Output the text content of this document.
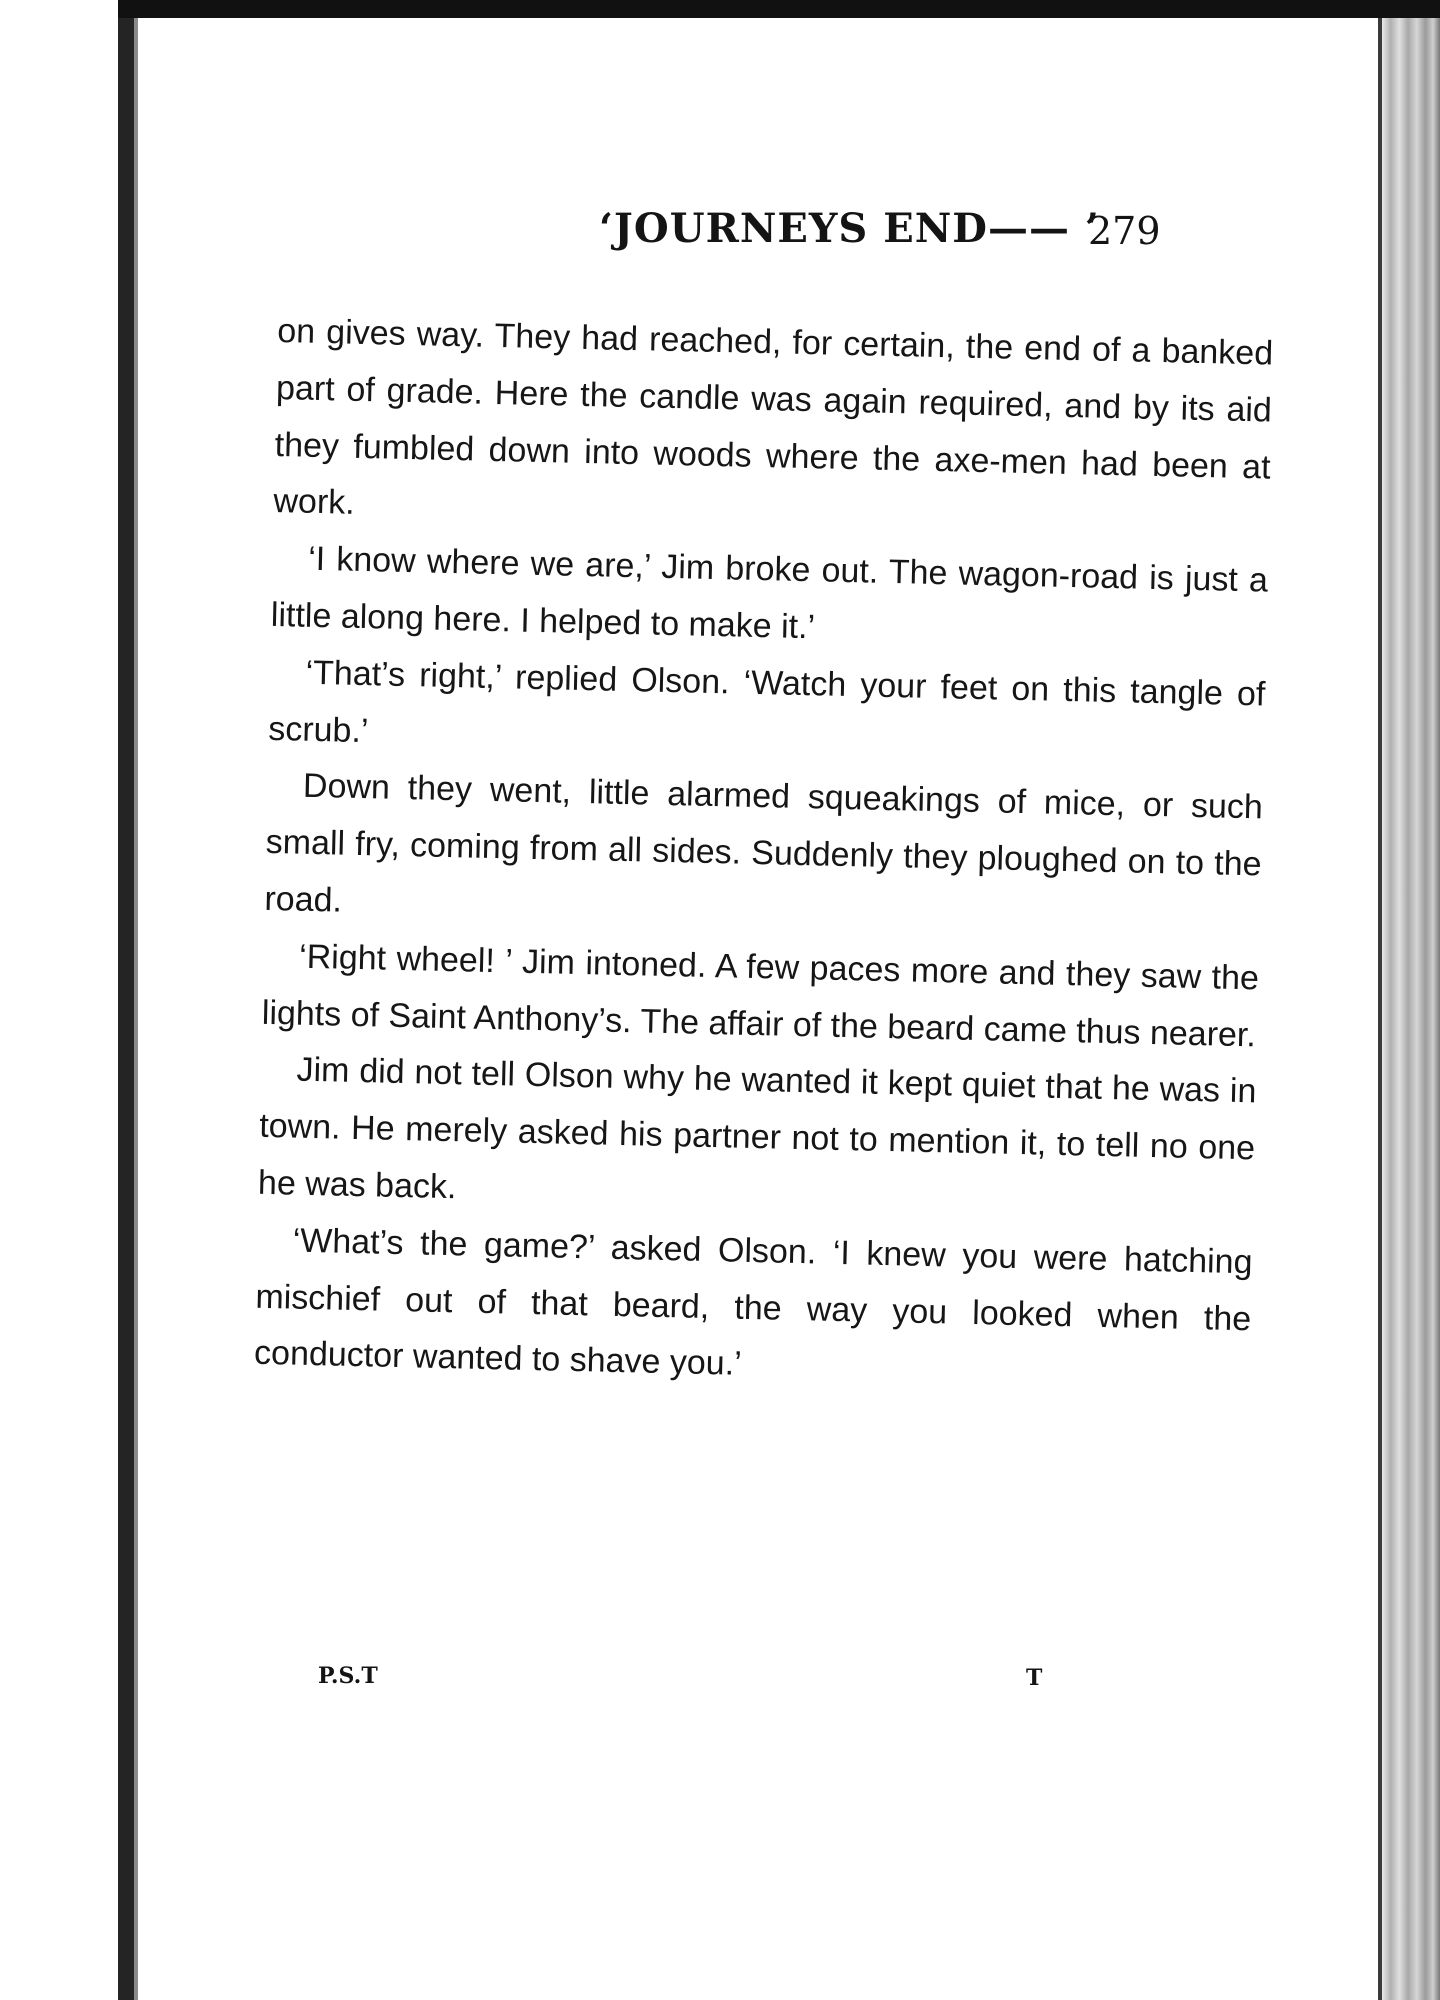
‘JOURNEYS END—— ’
279

on gives way. They had reached, for certain, the end of a banked part of grade. Here the candle was again required, and by its aid they fumbled down into woods where the axe-men had been at work.

‘I know where we are,’ Jim broke out. The wagon-road is just a little along here. I helped to make it.’

‘That’s right,’ replied Olson. ‘Watch your feet on this tangle of scrub.’

Down they went, little alarmed squeakings of mice, or such small fry, coming from all sides. Suddenly they ploughed on to the road.

‘Right wheel! ’ Jim intoned. A few paces more and they saw the lights of Saint Anthony’s. The affair of the beard came thus nearer.

Jim did not tell Olson why he wanted it kept quiet that he was in town. He merely asked his partner not to mention it, to tell no one he was back.

‘What’s the game?’ asked Olson. ‘I knew you were hatching mischief out of that beard, the way you looked when the conductor wanted to shave you.’

P.S.T	T
